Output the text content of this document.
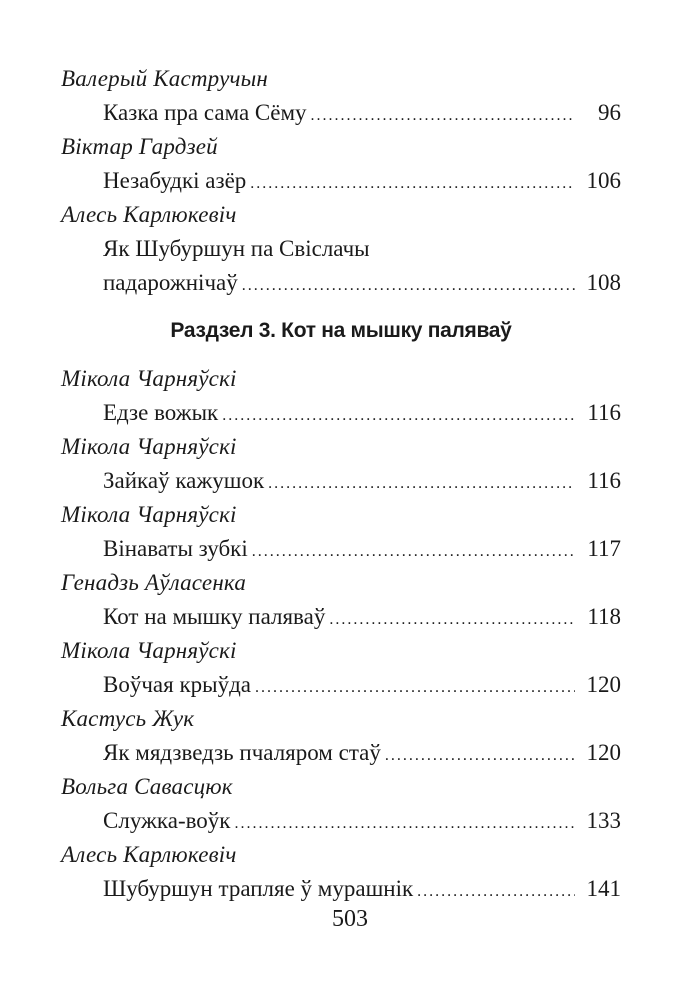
Валерый Кастручын
Казка пра сама Сёму .....	96
Віктар Гардзей
Незабудкі азёр .....	106
Алесь Карлюкевіч
Як Шубуршун па Свіслачы
падарожнічаў .....	108
Раздзел 3. Кот на мышку паляваў
Мікола Чарняўскі
Едзе вожык .....	116
Мікола Чарняўскі
Зайкаў кажушок .....	116
Мікола Чарняўскі
Вінаваты зубкі .....	117
Генадзь Аўласенка
Кот на мышку паляваў .....	118
Мікола Чарняўскі
Воўчая крыўда .....	120
Кастусь Жук
Як мядзведзь пчаляром стаў .....	120
Вольга Савасцюк
Служка-воўк .....	133
Алесь Карлюкевіч
Шубуршун трапляе ў мурашнік .....	141
503
